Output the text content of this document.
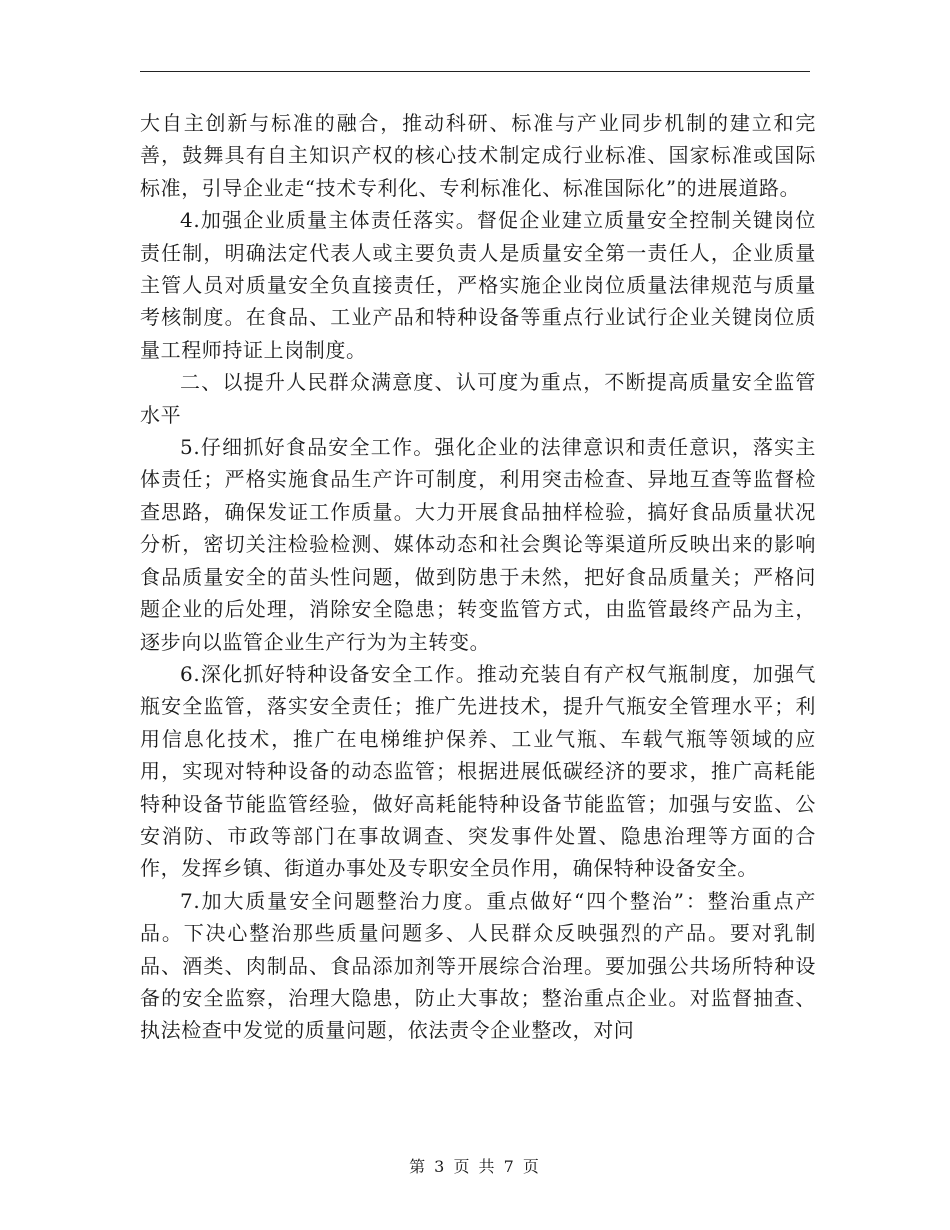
大自主创新与标准的融合，推动科研、标准与产业同步机制的建立和完善，鼓舞具有自主知识产权的核心技术制定成行业标准、国家标准或国际标准，引导企业走“技术专利化、专利标准化、标准国际化”的进展道路。

4.加强企业质量主体责任落实。督促企业建立质量安全控制关键岗位责任制，明确法定代表人或主要负责人是质量安全第一责任人，企业质量主管人员对质量安全负直接责任，严格实施企业岗位质量法律规范与质量考核制度。在食品、工业产品和特种设备等重点行业试行企业关键岗位质量工程师持证上岗制度。

二、以提升人民群众满意度、认可度为重点，不断提高质量安全监管水平

5.仔细抓好食品安全工作。强化企业的法律意识和责任意识，落实主体责任；严格实施食品生产许可制度，利用突击检查、异地互查等监督检查思路，确保发证工作质量。大力开展食品抽样检验，搞好食品质量状况分析，密切关注检验检测、媒体动态和社会舆论等渠道所反映出来的影响食品质量安全的苗头性问题，做到防患于未然，把好食品质量关；严格问题企业的后处理，消除安全隐患；转变监管方式，由监管最终产品为主，逐步向以监管企业生产行为为主转变。

6.深化抓好特种设备安全工作。推动充装自有产权气瓶制度，加强气瓶安全监管，落实安全责任；推广先进技术，提升气瓶安全管理水平；利用信息化技术，推广在电梯维护保养、工业气瓶、车载气瓶等领域的应用，实现对特种设备的动态监管；根据进展低碳经济的要求，推广高耗能特种设备节能监管经验，做好高耗能特种设备节能监管；加强与安监、公安消防、市政等部门在事故调查、突发事件处置、隐患治理等方面的合作，发挥乡镇、街道办事处及专职安全员作用，确保特种设备安全。

7.加大质量安全问题整治力度。重点做好“四个整治”：整治重点产品。下决心整治那些质量问题多、人民群众反映强烈的产品。要对乳制品、酒类、肉制品、食品添加剂等开展综合治理。要加强公共场所特种设备的安全监察，治理大隐患，防止大事故；整治重点企业。对监督抽查、执法检查中发觉的质量问题，依法责令企业整改，对问

第 3 页 共 7 页
